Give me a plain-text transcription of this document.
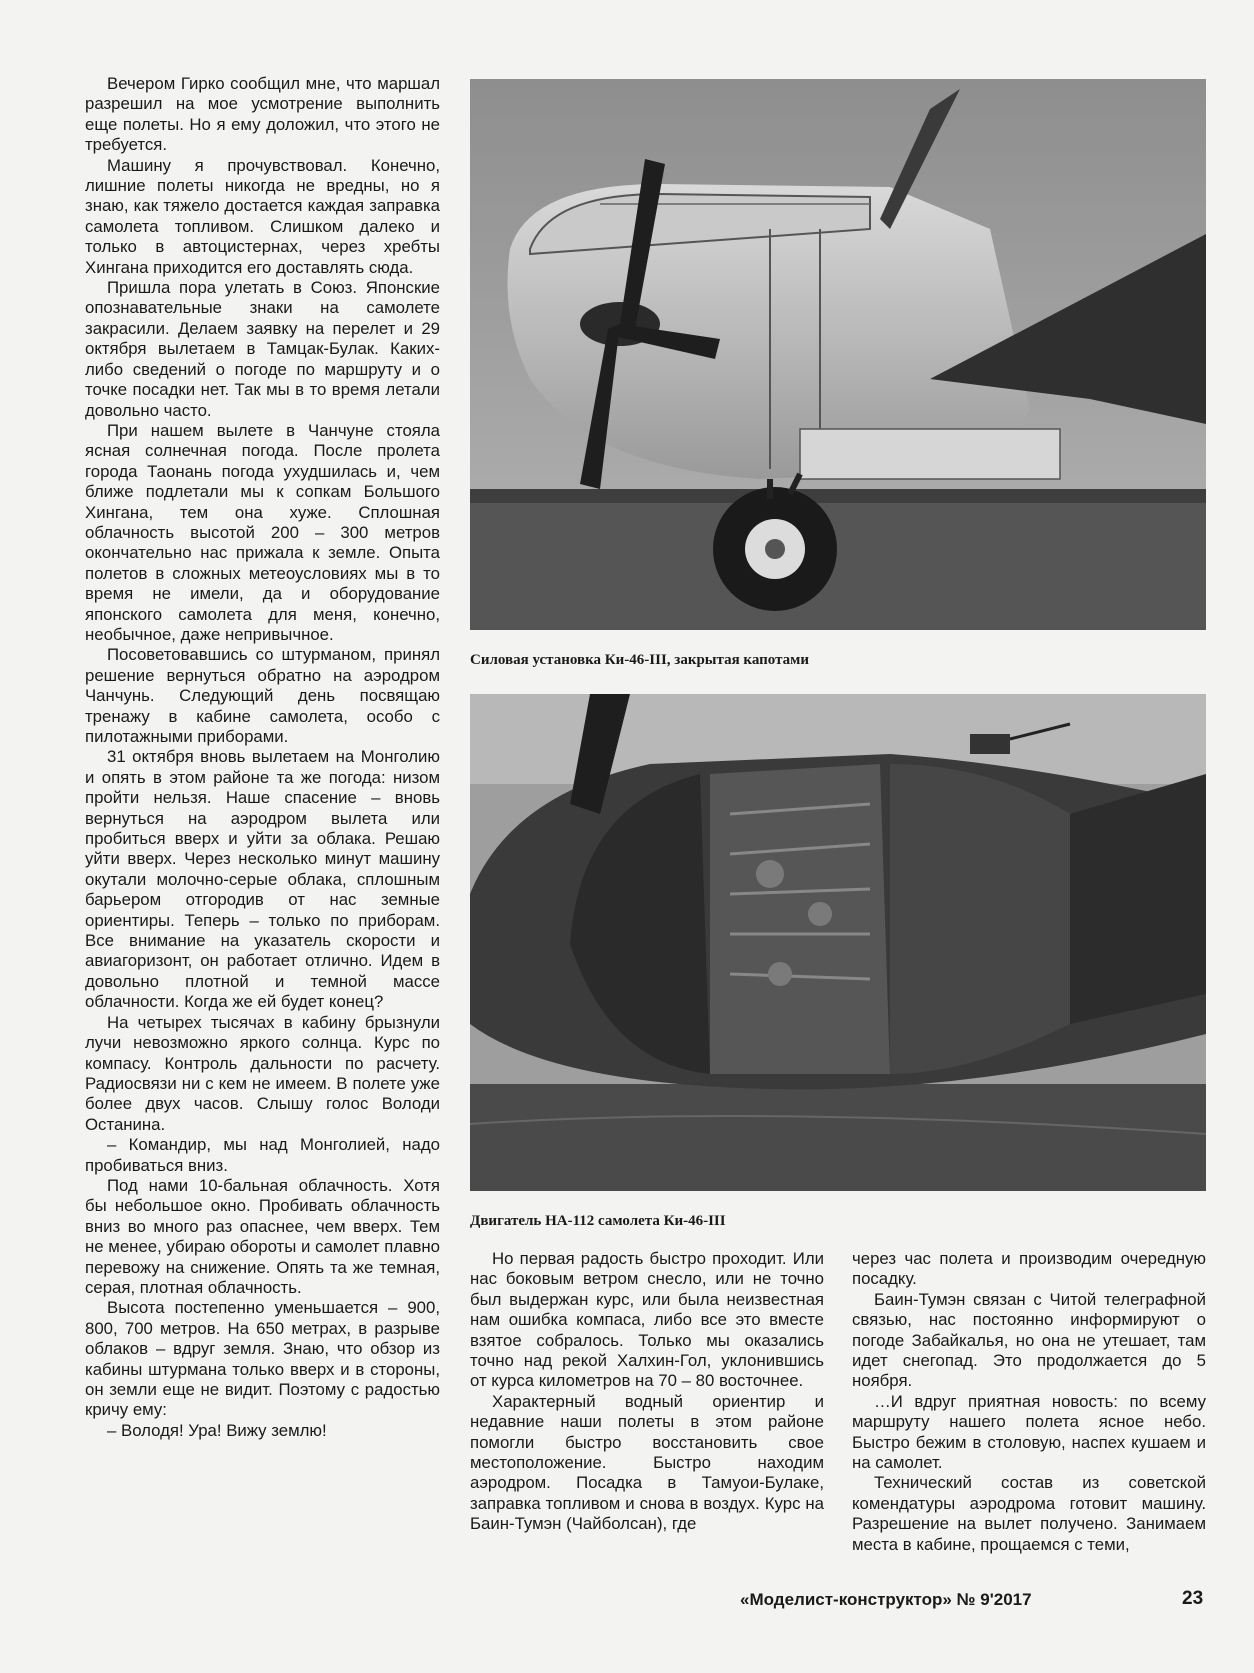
Вечером Гирко сообщил мне, что маршал разрешил на мое усмотрение выполнить еще полеты. Но я ему доложил, что этого не требуется.

Машину я прочувствовал. Конечно, лишние полеты никогда не вредны, но я знаю, как тяжело достается каждая заправка самолета топливом. Слишком далеко и только в автоцистернах, через хребты Хингана приходится его доставлять сюда.

Пришла пора улетать в Союз. Японские опознавательные знаки на самолете закрасили. Делаем заявку на перелет и 29 октября вылетаем в Тамцак-Булак. Каких-либо сведений о погоде по маршруту и о точке посадки нет. Так мы в то время летали довольно часто.

При нашем вылете в Чанчуне стояла ясная солнечная погода. После пролета города Таонань погода ухудшилась и, чем ближе подлетали мы к сопкам Большого Хингана, тем она хуже. Сплошная облачность высотой 200 – 300 метров окончательно нас прижала к земле. Опыта полетов в сложных метеоусловиях мы в то время не имели, да и оборудование японского самолета для меня, конечно, необычное, даже непривычное.

Посоветовавшись со штурманом, принял решение вернуться обратно на аэродром Чанчунь. Следующий день посвящаю тренажу в кабине самолета, особо с пилотажными приборами.

31 октября вновь вылетаем на Монголию и опять в этом районе та же погода: низом пройти нельзя. Наше спасение – вновь вернуться на аэродром вылета или пробиться вверх и уйти за облака. Решаю уйти вверх. Через несколько минут машину окутали молочно-серые облака, сплошным барьером отгородив от нас земные ориентиры. Теперь – только по приборам. Все внимание на указатель скорости и авиагоризонт, он работает отлично. Идем в довольно плотной и темной массе облачности. Когда же ей будет конец?

На четырех тысячах в кабину брызнули лучи невозможно яркого солнца. Курс по компасу. Контроль дальности по расчету. Радиосвязи ни с кем не имеем. В полете уже более двух часов. Слышу голос Володи Останина.

– Командир, мы над Монголией, надо пробиваться вниз.

Под нами 10-бальная облачность. Хотя бы небольшое окно. Пробивать облачность вниз во много раз опаснее, чем вверх. Тем не менее, убираю обороты и самолет плавно перевожу на снижение. Опять та же темная, серая, плотная облачность.

Высота постепенно уменьшается – 900, 800, 700 метров. На 650 метрах, в разрыве облаков – вдруг земля. Знаю, что обзор из кабины штурмана только вверх и в стороны, он земли еще не видит. Поэтому с радостью кричу ему:

– Володя! Ура! Вижу землю!

Силовая установка Ки-46-III, закрытая капотами
Двигатель НА-112 самолета Ки-46-III

Но первая радость быстро проходит. Или нас боковым ветром снесло, или не точно был выдержан курс, или была неизвестная нам ошибка компаса, либо все это вместе взятое собралось. Только мы оказались точно над рекой Халхин-Гол, уклонившись от курса километров на 70 – 80 восточнее.

Характерный водный ориентир и недавние наши полеты в этом районе помогли быстро восстановить свое местоположение. Быстро находим аэродром. Посадка в Тамуои-Булаке, заправка топливом и снова в воздух. Курс на Баин-Тумэн (Чайболсан), где

через час полета и производим очередную посадку.

Баин-Тумэн связан с Читой телеграфной связью, нас постоянно информируют о погоде Забайкалья, но она не утешает, там идет снегопад. Это продолжается до 5 ноября.

…И вдруг приятная новость: по всему маршруту нашего полета ясное небо. Быстро бежим в столовую, наспех кушаем и на самолет.

Технический состав из советской комендатуры аэродрома готовит машину. Разрешение на вылет получено. Занимаем места в кабине, прощаемся с теми,

«Моделист-конструктор» № 9'2017	23
